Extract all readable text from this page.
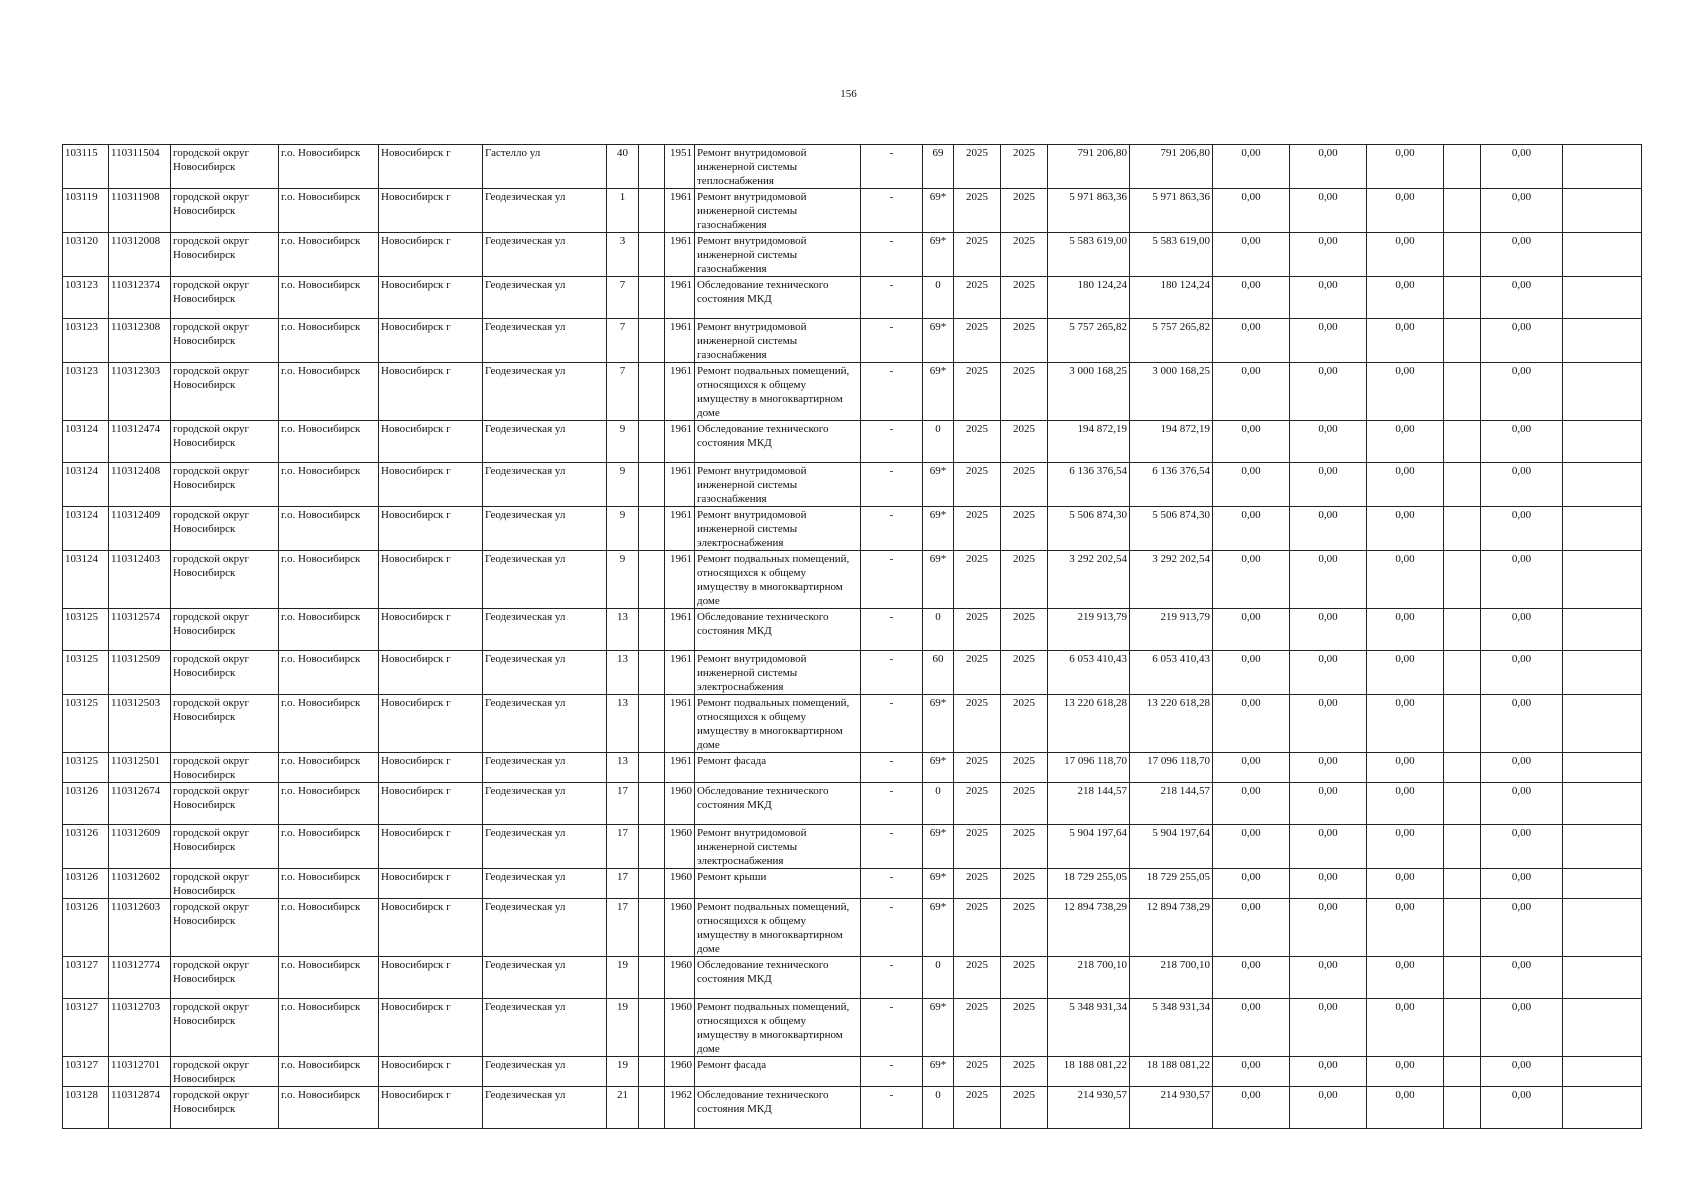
156
103115	110311504	городской округ Новосибирск	г.о. Новосибирск	Новосибирск г	Гастелло ул	40		1951	Ремонт внутридомовой инженерной системы теплоснабжения	-	69	2025	2025	791 206,80	791 206,80	0,00	0,00	0,00		0,00	
103119	110311908	городской округ Новосибирск	г.о. Новосибирск	Новосибирск г	Геодезическая ул	1		1961	Ремонт внутридомовой инженерной системы газоснабжения	-	69*	2025	2025	5 971 863,36	5 971 863,36	0,00	0,00	0,00		0,00	
103120	110312008	городской округ Новосибирск	г.о. Новосибирск	Новосибирск г	Геодезическая ул	3		1961	Ремонт внутридомовой инженерной системы газоснабжения	-	69*	2025	2025	5 583 619,00	5 583 619,00	0,00	0,00	0,00		0,00	
103123	110312374	городской округ Новосибирск	г.о. Новосибирск	Новосибирск г	Геодезическая ул	7		1961	Обследование технического состояния МКД	-	0	2025	2025	180 124,24	180 124,24	0,00	0,00	0,00		0,00	
103123	110312308	городской округ Новосибирск	г.о. Новосибирск	Новосибирск г	Геодезическая ул	7		1961	Ремонт внутридомовой инженерной системы газоснабжения	-	69*	2025	2025	5 757 265,82	5 757 265,82	0,00	0,00	0,00		0,00	
103123	110312303	городской округ Новосибирск	г.о. Новосибирск	Новосибирск г	Геодезическая ул	7		1961	Ремонт подвальных помещений, относящихся к общему имуществу в многоквартирном доме	-	69*	2025	2025	3 000 168,25	3 000 168,25	0,00	0,00	0,00		0,00	
103124	110312474	городской округ Новосибирск	г.о. Новосибирск	Новосибирск г	Геодезическая ул	9		1961	Обследование технического состояния МКД	-	0	2025	2025	194 872,19	194 872,19	0,00	0,00	0,00		0,00	
103124	110312408	городской округ Новосибирск	г.о. Новосибирск	Новосибирск г	Геодезическая ул	9		1961	Ремонт внутридомовой инженерной системы газоснабжения	-	69*	2025	2025	6 136 376,54	6 136 376,54	0,00	0,00	0,00		0,00	
103124	110312409	городской округ Новосибирск	г.о. Новосибирск	Новосибирск г	Геодезическая ул	9		1961	Ремонт внутридомовой инженерной системы электроснабжения	-	69*	2025	2025	5 506 874,30	5 506 874,30	0,00	0,00	0,00		0,00	
103124	110312403	городской округ Новосибирск	г.о. Новосибирск	Новосибирск г	Геодезическая ул	9		1961	Ремонт подвальных помещений, относящихся к общему имуществу в многоквартирном доме	-	69*	2025	2025	3 292 202,54	3 292 202,54	0,00	0,00	0,00		0,00	
103125	110312574	городской округ Новосибирск	г.о. Новосибирск	Новосибирск г	Геодезическая ул	13		1961	Обследование технического состояния МКД	-	0	2025	2025	219 913,79	219 913,79	0,00	0,00	0,00		0,00	
103125	110312509	городской округ Новосибирск	г.о. Новосибирск	Новосибирск г	Геодезическая ул	13		1961	Ремонт внутридомовой инженерной системы электроснабжения	-	60	2025	2025	6 053 410,43	6 053 410,43	0,00	0,00	0,00		0,00	
103125	110312503	городской округ Новосибирск	г.о. Новосибирск	Новосибирск г	Геодезическая ул	13		1961	Ремонт подвальных помещений, относящихся к общему имуществу в многоквартирном доме	-	69*	2025	2025	13 220 618,28	13 220 618,28	0,00	0,00	0,00		0,00	
103125	110312501	городской округ Новосибирск	г.о. Новосибирск	Новосибирск г	Геодезическая ул	13		1961	Ремонт фасада	-	69*	2025	2025	17 096 118,70	17 096 118,70	0,00	0,00	0,00		0,00	
103126	110312674	городской округ Новосибирск	г.о. Новосибирск	Новосибирск г	Геодезическая ул	17		1960	Обследование технического состояния МКД	-	0	2025	2025	218 144,57	218 144,57	0,00	0,00	0,00		0,00	
103126	110312609	городской округ Новосибирск	г.о. Новосибирск	Новосибирск г	Геодезическая ул	17		1960	Ремонт внутридомовой инженерной системы электроснабжения	-	69*	2025	2025	5 904 197,64	5 904 197,64	0,00	0,00	0,00		0,00	
103126	110312602	городской округ Новосибирск	г.о. Новосибирск	Новосибирск г	Геодезическая ул	17		1960	Ремонт крыши	-	69*	2025	2025	18 729 255,05	18 729 255,05	0,00	0,00	0,00		0,00	
103126	110312603	городской округ Новосибирск	г.о. Новосибирск	Новосибирск г	Геодезическая ул	17		1960	Ремонт подвальных помещений, относящихся к общему имуществу в многоквартирном доме	-	69*	2025	2025	12 894 738,29	12 894 738,29	0,00	0,00	0,00		0,00	
103127	110312774	городской округ Новосибирск	г.о. Новосибирск	Новосибирск г	Геодезическая ул	19		1960	Обследование технического состояния МКД	-	0	2025	2025	218 700,10	218 700,10	0,00	0,00	0,00		0,00	
103127	110312703	городской округ Новосибирск	г.о. Новосибирск	Новосибирск г	Геодезическая ул	19		1960	Ремонт подвальных помещений, относящихся к общему имуществу в многоквартирном доме	-	69*	2025	2025	5 348 931,34	5 348 931,34	0,00	0,00	0,00		0,00	
103127	110312701	городской округ Новосибирск	г.о. Новосибирск	Новосибирск г	Геодезическая ул	19		1960	Ремонт фасада	-	69*	2025	2025	18 188 081,22	18 188 081,22	0,00	0,00	0,00		0,00	
103128	110312874	городской округ Новосибирск	г.о. Новосибирск	Новосибирск г	Геодезическая ул	21		1962	Обследование технического состояния МКД	-	0	2025	2025	214 930,57	214 930,57	0,00	0,00	0,00		0,00	
